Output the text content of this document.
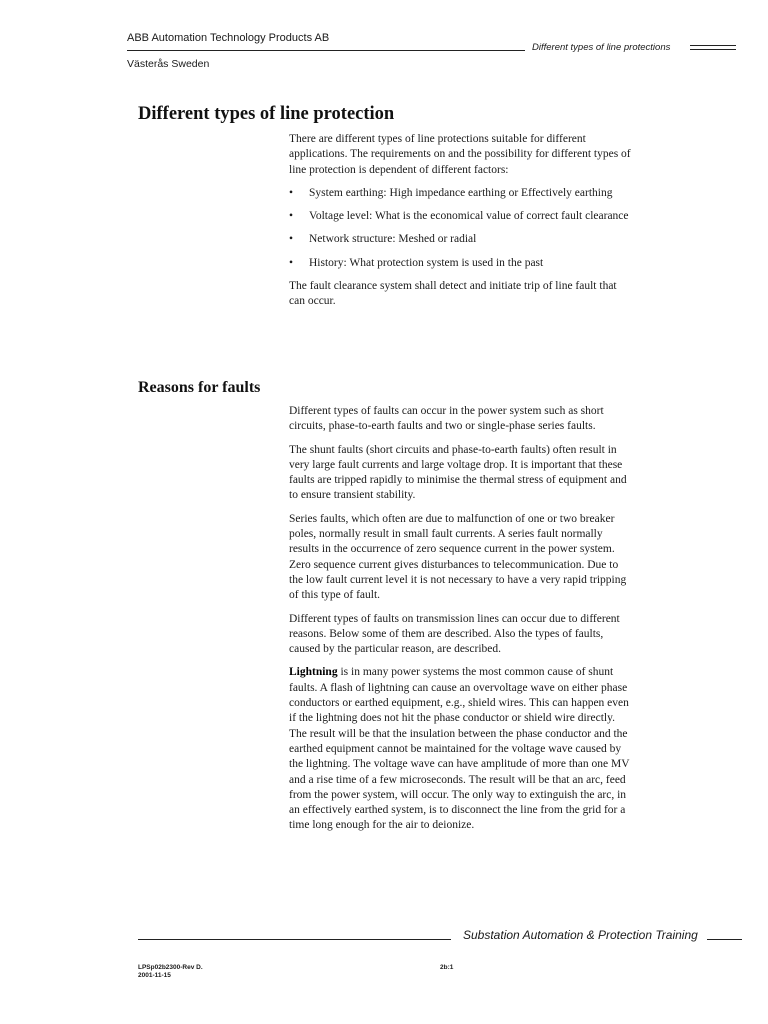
ABB Automation Technology Products AB
Different types of line protections
Västerås Sweden
Different types of line protection

There are different types of line protections suitable for different applications. The requirements on and the possibility for different types of line protection is dependent of different factors:

• System earthing: High impedance earthing or Effectively earthing
• Voltage level: What is the economical value of correct fault clearance
• Network structure: Meshed or radial
• History: What protection system is used in the past

The fault clearance system shall detect and initiate trip of line fault that can occur.

Reasons for faults

Different types of faults can occur in the power system such as short circuits, phase-to-earth faults and two or single-phase series faults.

The shunt faults (short circuits and phase-to-earth faults) often result in very large fault currents and large voltage drop. It is important that these faults are tripped rapidly to minimise the thermal stress of equipment and to ensure transient stability.

Series faults, which often are due to malfunction of one or two breaker poles, normally result in small fault currents. A series fault normally results in the occurrence of zero sequence current in the power system. Zero sequence current gives disturbances to telecommunication. Due to the low fault current level it is not necessary to have a very rapid tripping of this type of fault.

Different types of faults on transmission lines can occur due to different reasons. Below some of them are described. Also the types of faults, caused by the particular reason, are described.

Lightning is in many power systems the most common cause of shunt faults. A flash of lightning can cause an overvoltage wave on either phase conductors or earthed equipment, e.g., shield wires. This can happen even if the lightning does not hit the phase conductor or shield wire directly. The result will be that the insulation between the phase conductor and the earthed equipment cannot be maintained for the voltage wave caused by the lightning. The voltage wave can have amplitude of more than one MV and a rise time of a few microseconds. The result will be that an arc, feed from the power system, will occur. The only way to extinguish the arc, in an effectively earthed system, is to disconnect the line from the grid for a time long enough for the air to deionize.

Substation Automation & Protection Training
LPSp02b2300-Rev D.
2001-11-15
2b:1
